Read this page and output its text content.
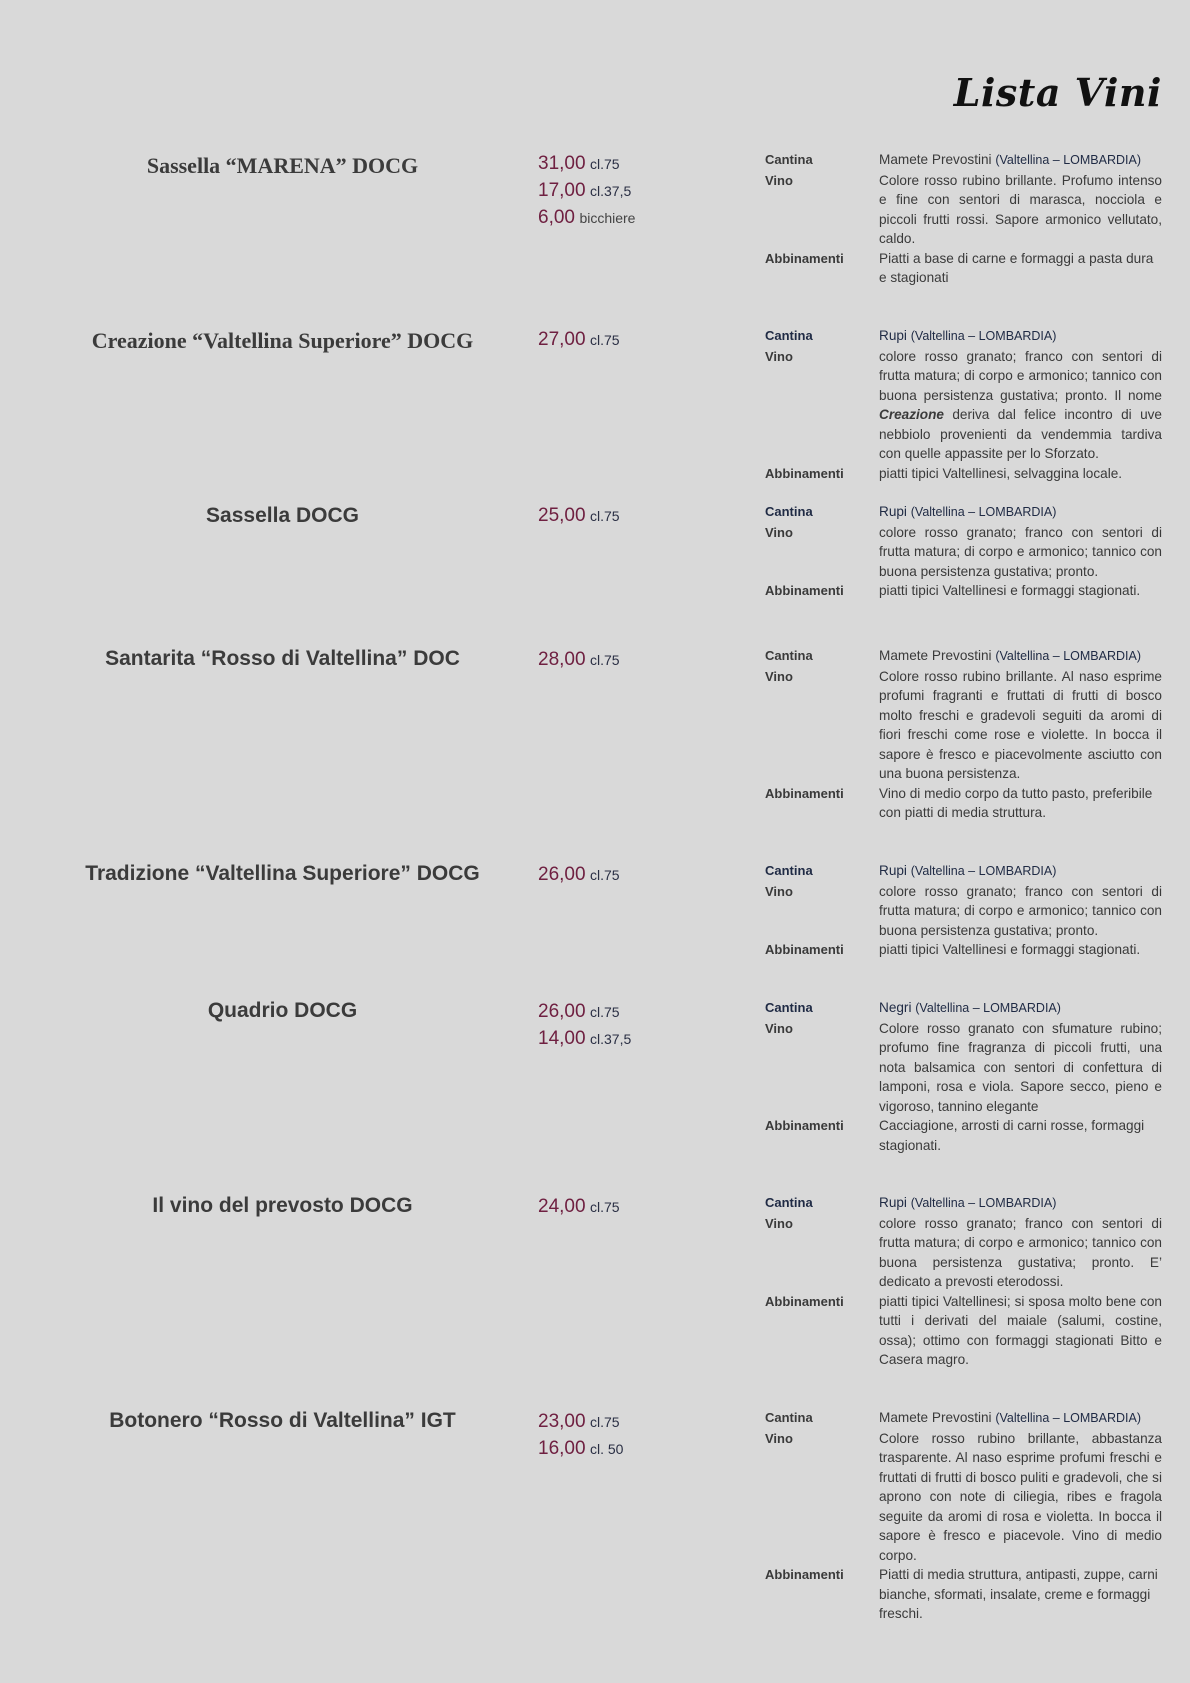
Lista Vini
Sassella “MARENA” DOCG	31,00 cl.75
17,00 cl.37,5
6,00 bicchiere
Cantina	Mamete Prevostini (Valtellina – LOMBARDIA)
Vino	Colore rosso rubino brillante. Profumo intenso e fine con sentori di marasca, nocciola e piccoli frutti rossi. Sapore armonico vellutato, caldo.
Abbinamenti	Piatti a base di carne e formaggi a pasta dura e stagionati
Creazione “Valtellina Superiore” DOCG	27,00 cl.75	Cantina	Rupi (Valtellina – LOMBARDIA)
Vino	colore rosso granato; franco con sentori di frutta matura; di corpo e armonico; tannico con buona persistenza gustativa; pronto. Il nome Creazione deriva dal felice incontro di uve nebbiolo provenienti da vendemmia tardiva con quelle appassite per lo Sforzato.
Abbinamenti	piatti tipici Valtellinesi, selvaggina locale.
Sassella DOCG	25,00 cl.75	Cantina	Rupi (Valtellina – LOMBARDIA)
Vino	colore rosso granato; franco con sentori di frutta matura; di corpo e armonico; tannico con buona persistenza gustativa; pronto.
Abbinamenti	piatti tipici Valtellinesi e formaggi stagionati.
Santarita “Rosso di Valtellina” DOC	28,00 cl.75	Cantina	Mamete Prevostini (Valtellina – LOMBARDIA)
Vino	Colore rosso rubino brillante. Al naso esprime profumi fragranti e fruttati di frutti di bosco molto freschi e gradevoli seguiti da aromi di fiori freschi come rose e violette. In bocca il sapore è fresco e piacevolmente asciutto con una buona persistenza.
Abbinamenti	Vino di medio corpo da tutto pasto, preferibile con piatti di media struttura.
Tradizione “Valtellina Superiore” DOCG	26,00 cl.75	Cantina	Rupi (Valtellina – LOMBARDIA)
Vino	colore rosso granato; franco con sentori di frutta matura; di corpo e armonico; tannico con buona persistenza gustativa; pronto.
Abbinamenti	piatti tipici Valtellinesi e formaggi stagionati.
Quadrio DOCG	26,00 cl.75
14,00 cl.37,5
Cantina	Negri (Valtellina – LOMBARDIA)
Vino	Colore rosso granato con sfumature rubino; profumo fine fragranza di piccoli frutti, una nota balsamica con sentori di confettura di lamponi, rosa e viola. Sapore secco, pieno e vigoroso, tannino elegante
Abbinamenti	Cacciagione, arrosti di carni rosse, formaggi stagionati.
Il vino del prevosto DOCG	24,00 cl.75	Cantina	Rupi (Valtellina – LOMBARDIA)
Vino	colore rosso granato; franco con sentori di frutta matura; di corpo e armonico; tannico con buona persistenza gustativa; pronto. E’ dedicato a prevosti eterodossi.
Abbinamenti	piatti tipici Valtellinesi; si sposa molto bene con tutti i derivati del maiale (salumi, costine, ossa); ottimo con formaggi stagionati Bitto e Casera magro.
Botonero “Rosso di Valtellina” IGT	23,00 cl.75
16,00 cl. 50
Cantina	Mamete Prevostini (Valtellina – LOMBARDIA)
Vino	Colore rosso rubino brillante, abbastanza trasparente. Al naso esprime profumi freschi e fruttati di frutti di bosco puliti e gradevoli, che si aprono con note di ciliegia, ribes e fragola seguite da aromi di rosa e violetta. In bocca il sapore è fresco e piacevole. Vino di medio corpo.
Abbinamenti	Piatti di media struttura, antipasti, zuppe, carni bianche, sformati, insalate, creme e formaggi freschi.
